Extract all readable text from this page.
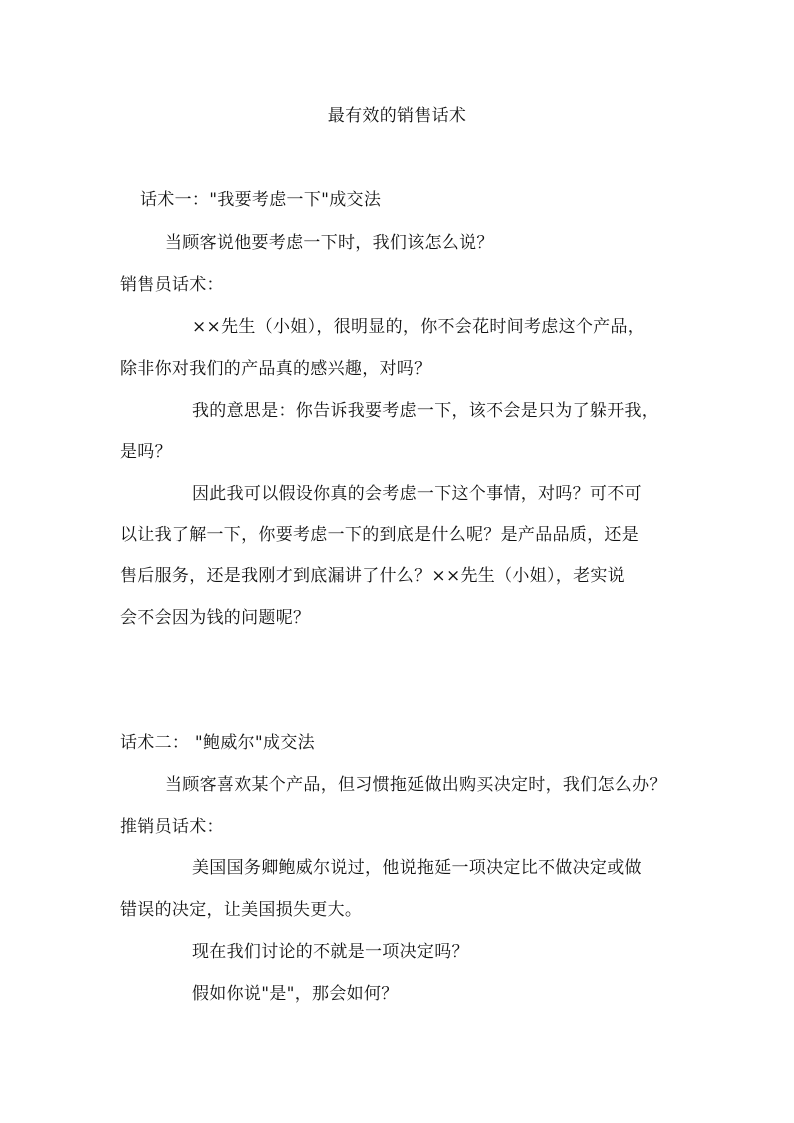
最有效的销售话术
话术一："我要考虑一下"成交法
当顾客说他要考虑一下时，我们该怎么说？
销售员话术：
××先生（小姐），很明显的，你不会花时间考虑这个产品，
除非你对我们的产品真的感兴趣，对吗？
我的意思是：你告诉我要考虑一下，该不会是只为了躲开我，
是吗？
因此我可以假设你真的会考虑一下这个事情，对吗？可不可
以让我了解一下，你要考虑一下的到底是什么呢？是产品品质，还是
售后服务，还是我刚才到底漏讲了什么？××先生（小姐），老实说
会不会因为钱的问题呢？
话术二： "鲍威尔"成交法
当顾客喜欢某个产品，但习惯拖延做出购买决定时，我们怎么办？
推销员话术：
美国国务卿鲍威尔说过，他说拖延一项决定比不做决定或做
错误的决定，让美国损失更大。
现在我们讨论的不就是一项决定吗？
假如你说"是"，那会如何？
